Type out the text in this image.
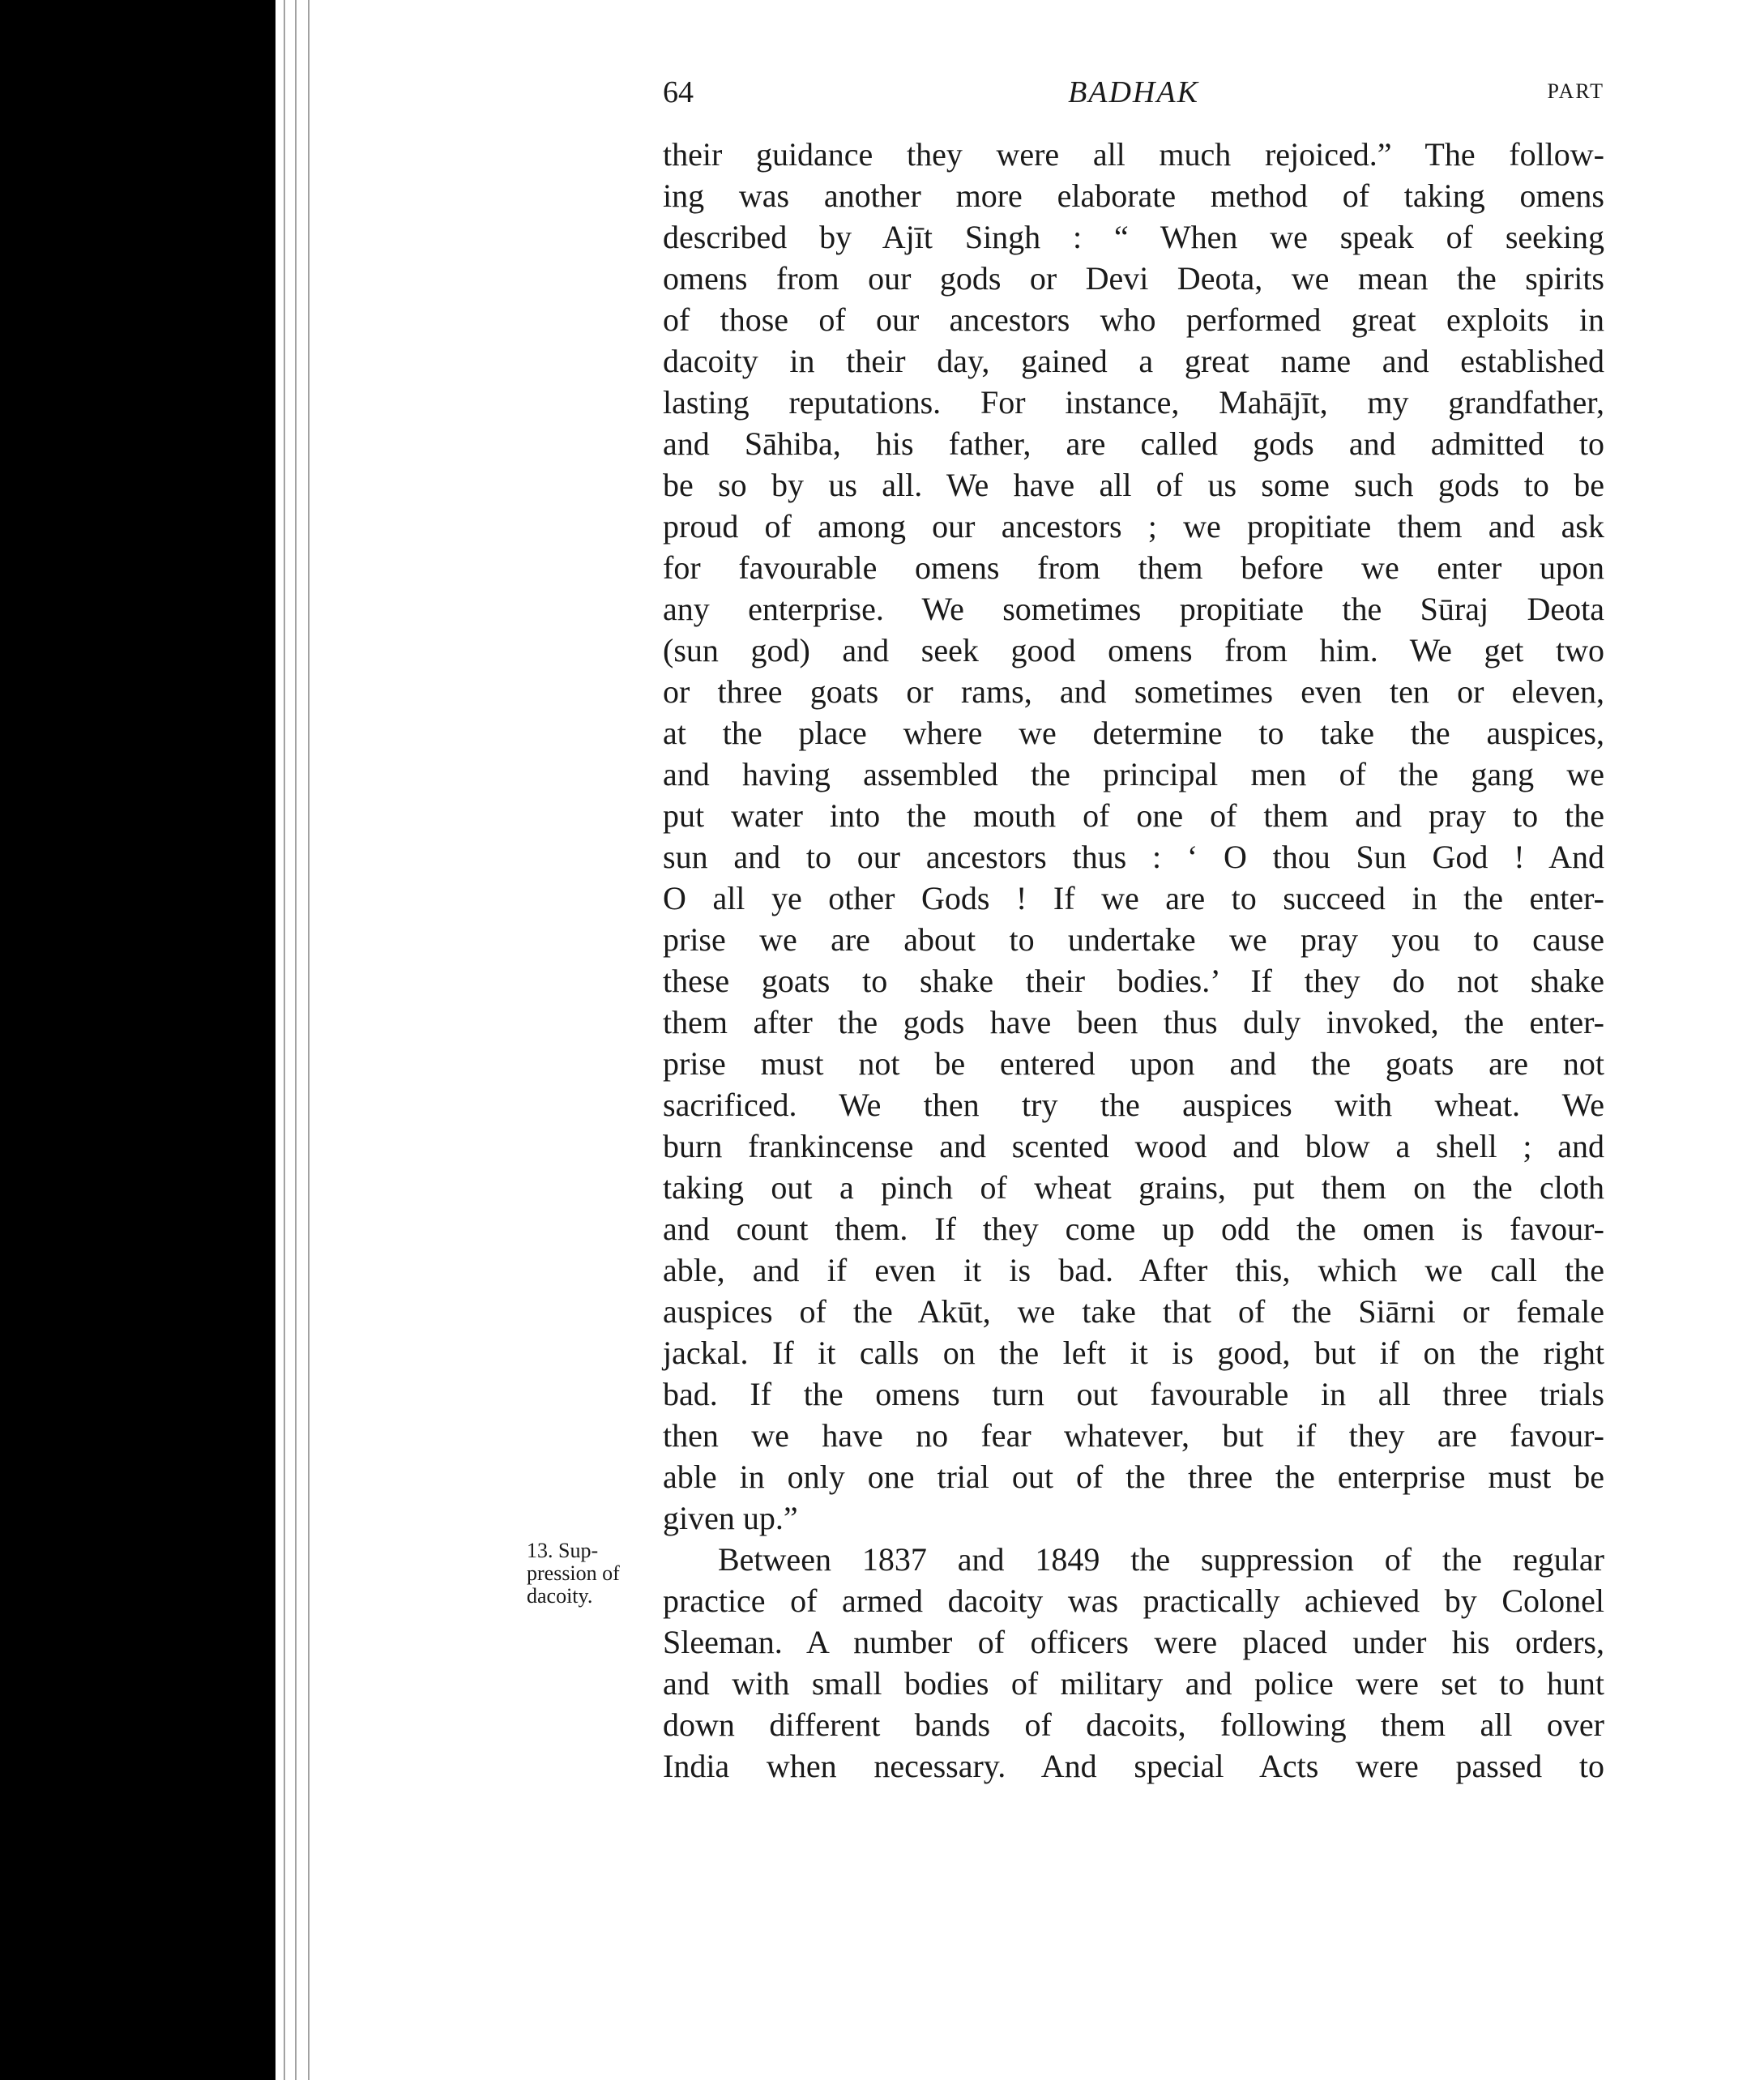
64	BADHAK	PART
13. Sup-
pression of
dacoity.
their guidance they were all much rejoiced.” The follow-
ing was another more elaborate method of taking omens
described by Ajīt Singh : “ When we speak of seeking
omens from our gods or Devi Deota, we mean the spirits
of those of our ancestors who performed great exploits in
dacoity in their day, gained a great name and established
lasting reputations. For instance, Mahājīt, my grandfather,
and Sāhiba, his father, are called gods and admitted to
be so by us all. We have all of us some such gods to be
proud of among our ancestors ; we propitiate them and ask
for favourable omens from them before we enter upon
any enterprise. We sometimes propitiate the Sūraj Deota
(sun god) and seek good omens from him. We get two
or three goats or rams, and sometimes even ten or eleven,
at the place where we determine to take the auspices,
and having assembled the principal men of the gang we
put water into the mouth of one of them and pray to the
sun and to our ancestors thus : ‘ O thou Sun God ! And
O all ye other Gods ! If we are to succeed in the enter-
prise we are about to undertake we pray you to cause
these goats to shake their bodies.’ If they do not shake
them after the gods have been thus duly invoked, the enter-
prise must not be entered upon and the goats are not
sacrificed. We then try the auspices with wheat. We
burn frankincense and scented wood and blow a shell ; and
taking out a pinch of wheat grains, put them on the cloth
and count them. If they come up odd the omen is favour-
able, and if even it is bad. After this, which we call the
auspices of the Akūt, we take that of the Siārni or female
jackal. If it calls on the left it is good, but if on the right
bad. If the omens turn out favourable in all three trials
then we have no fear whatever, but if they are favour-
able in only one trial out of the three the enterprise must be
given up.”
Between 1837 and 1849 the suppression of the regular
practice of armed dacoity was practically achieved by Colonel
Sleeman. A number of officers were placed under his orders,
and with small bodies of military and police were set to hunt
down different bands of dacoits, following them all over
India when necessary. And special Acts were passed to
